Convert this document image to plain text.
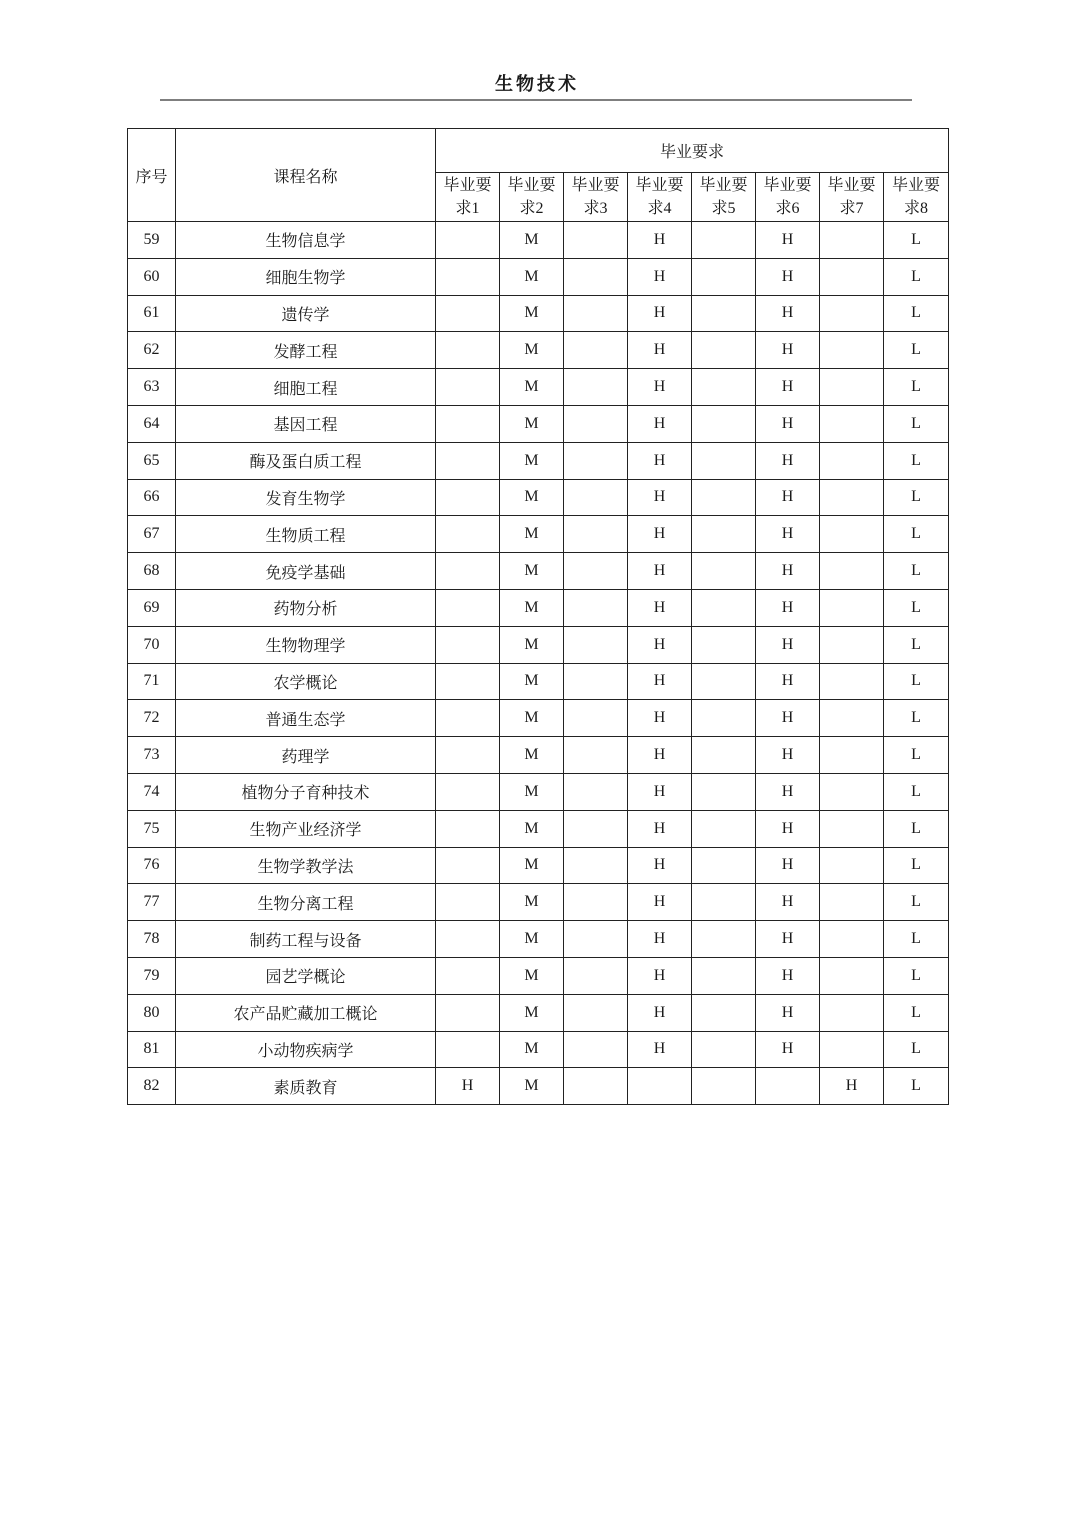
生物技术
序号	课程名称	毕业要求							

毕业要
求1

毕业要
求2

毕业要
求3

毕业要
求4

毕业要
求5

毕业要
求6

毕业要
求7

毕业要
求8

59	生物信息学		M		H		H		L
60	细胞生物学		M		H		H		L
61	遗传学		M		H		H		L
62	发酵工程		M		H		H		L
63	细胞工程		M		H		H		L
64	基因工程		M		H		H		L
65	酶及蛋白质工程		M		H		H		L
66	发育生物学		M		H		H		L
67	生物质工程		M		H		H		L
68	免疫学基础		M		H		H		L
69	药物分析		M		H		H		L
70	生物物理学		M		H		H		L
71	农学概论		M		H		H		L
72	普通生态学		M		H		H		L
73	药理学		M		H		H		L
74	植物分子育种技术		M		H		H		L
75	生物产业经济学		M		H		H		L
76	生物学教学法		M		H		H		L
77	生物分离工程		M		H		H		L
78	制药工程与设备		M		H		H		L
79	园艺学概论		M		H		H		L
80	农产品贮藏加工概论		M		H		H		L
81	小动物疾病学		M		H		H		L
82	素质教育	H	M					H	L
